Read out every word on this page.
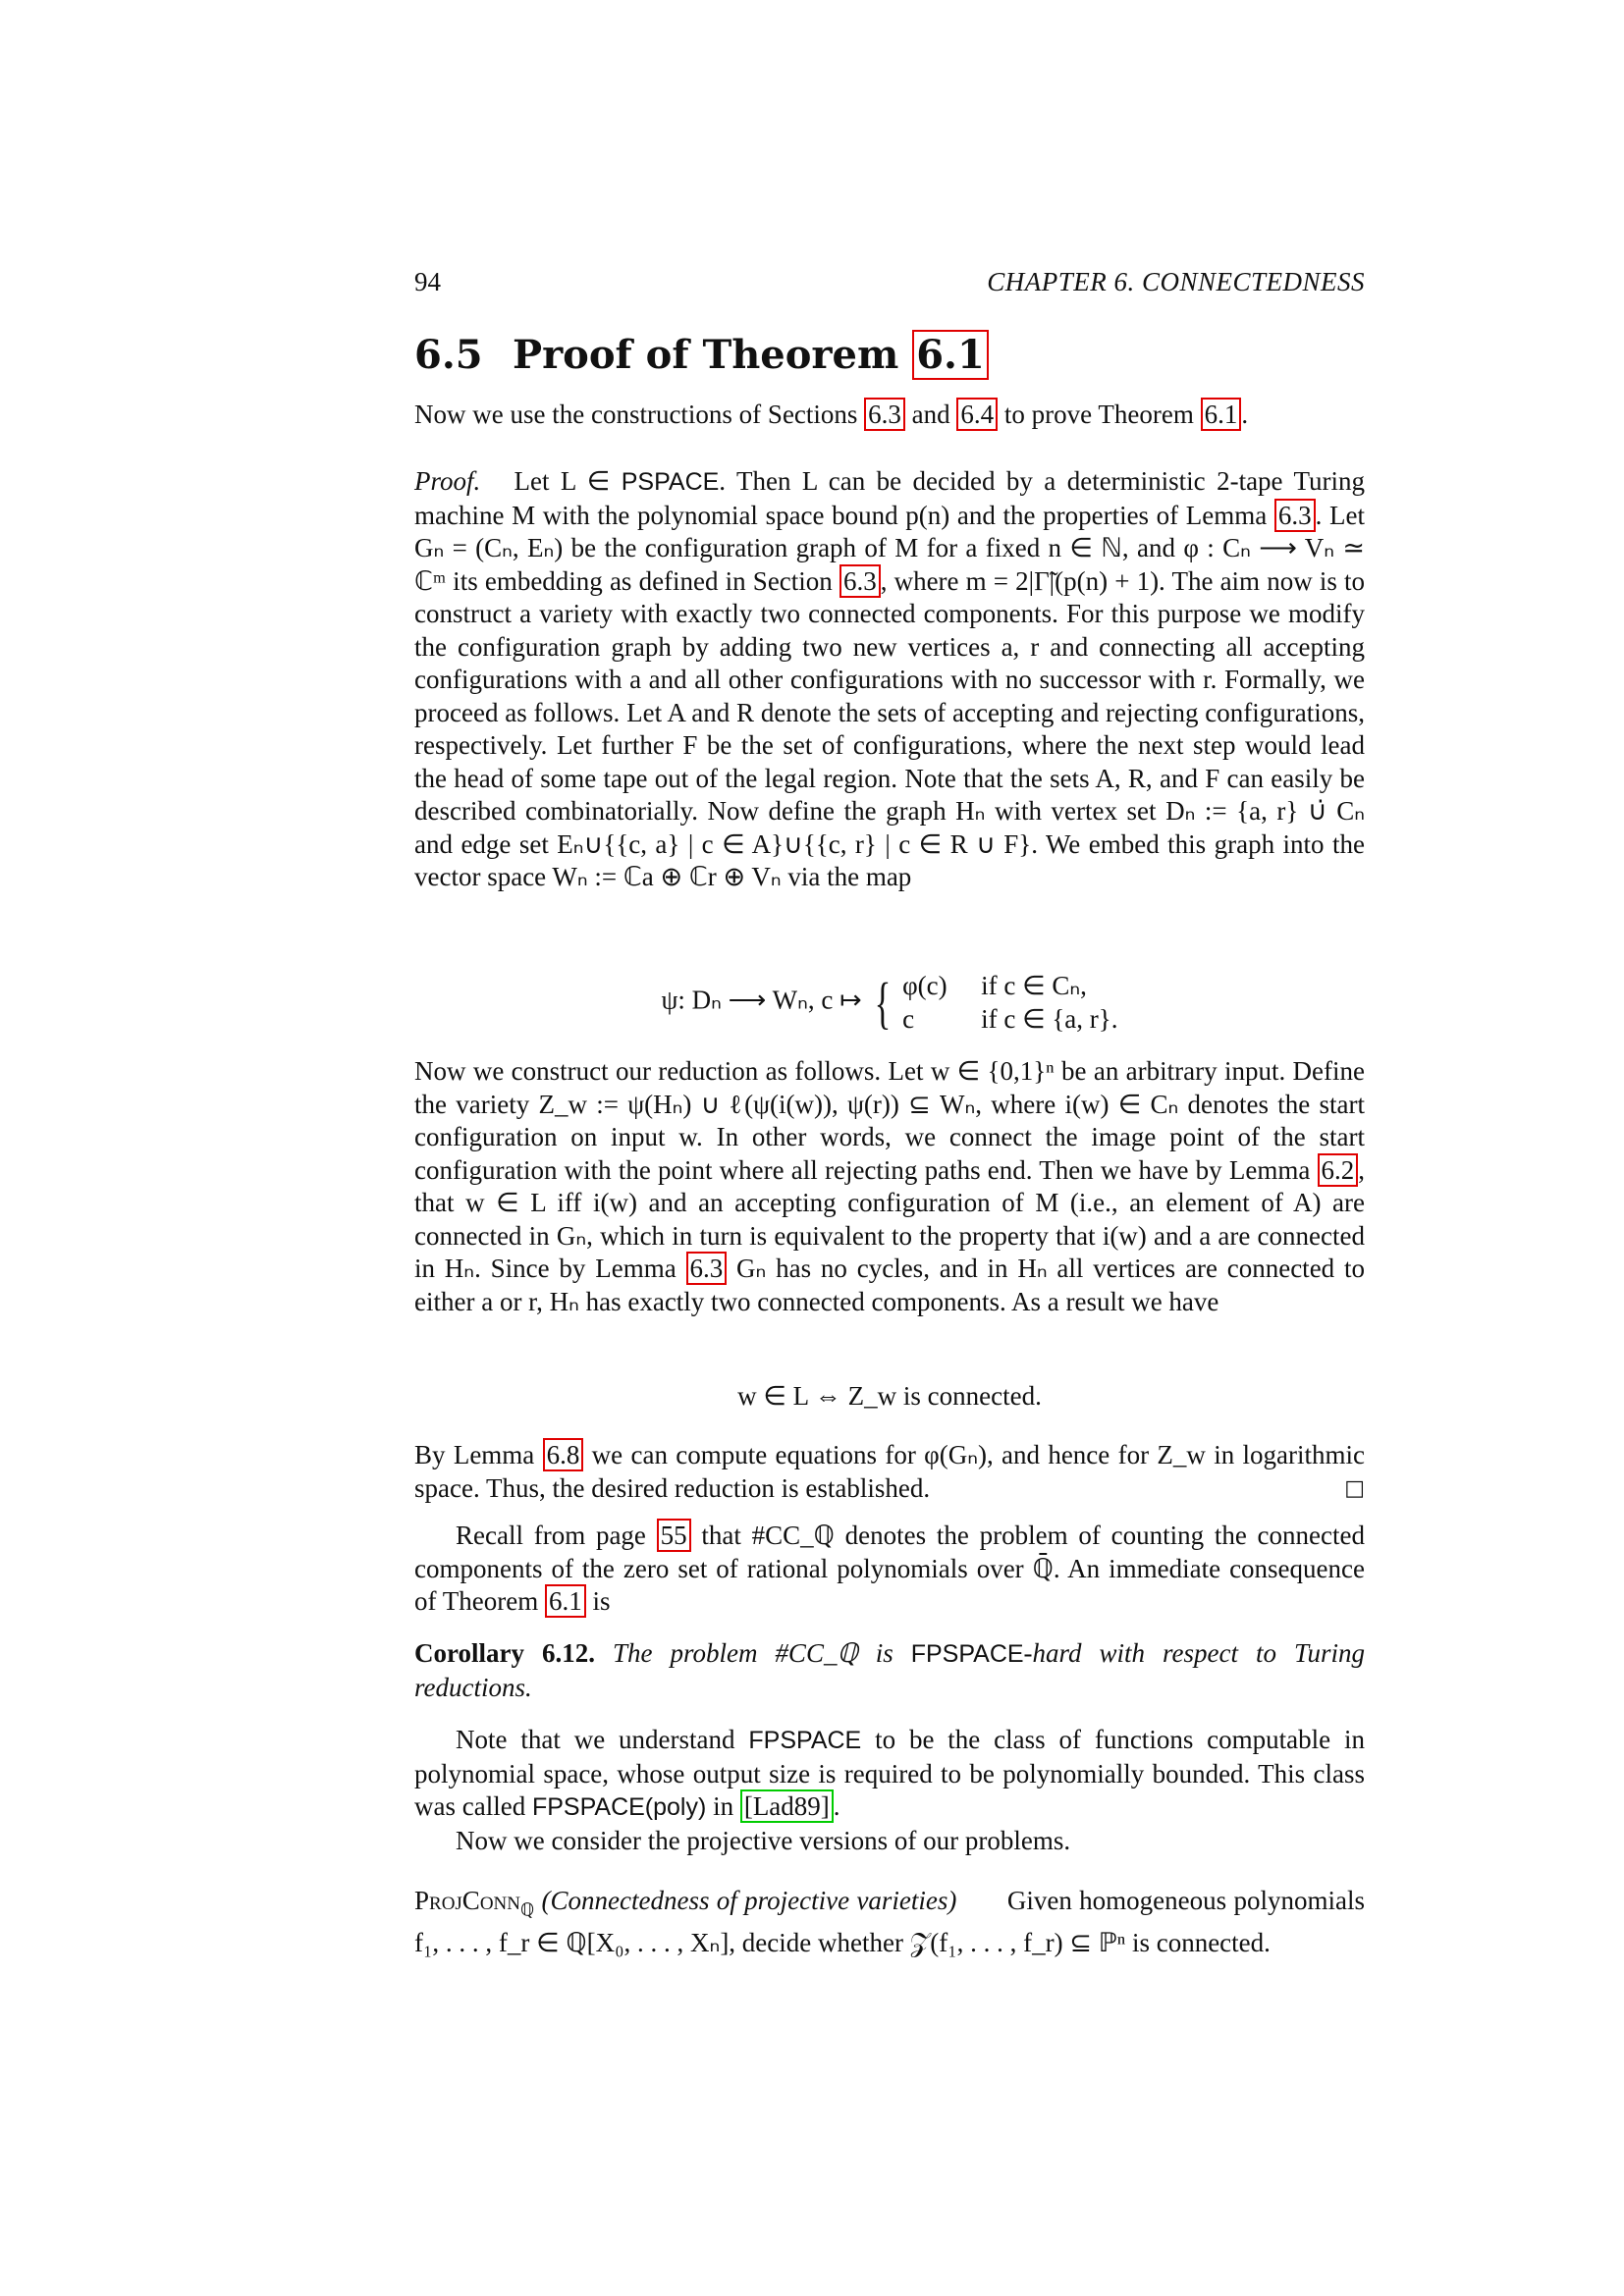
94	CHAPTER 6. CONNECTEDNESS
6.5 Proof of Theorem 6.1

Now we use the constructions of Sections 6.3 and 6.4 to prove Theorem 6.1 .

Proof. Let L ∈ PSPACE. Then L can be decided by a deterministic 2-tape Turing machine M with the polynomial space bound p(n) and the properties of Lemma 6.3 . Let Gₙ = (Cₙ, Eₙ) be the configuration graph of M for a fixed n ∈ ℕ, and φ : Cₙ ⟶ Vₙ ≃ ℂᵐ its embedding as defined in Section 6.3 , where m = 2|Γ̃|(p(n) + 1). The aim now is to construct a variety with exactly two connected components. For this purpose we modify the configuration graph by adding two new vertices a, r and connecting all accepting configurations with a and all other configurations with no successor with r. Formally, we proceed as follows. Let A and R denote the sets of accepting and rejecting configurations, respectively. Let further F be the set of configurations, where the next step would lead the head of some tape out of the legal region. Note that the sets A, R, and F can easily be described combinatorially. Now define the graph Hₙ with vertex set Dₙ := {a, r} ∪̇ Cₙ and edge set Eₙ∪{{c, a} | c ∈ A}∪{{c, r} | c ∈ R ∪ F}. We embed this graph into the vector space Wₙ := ℂa ⊕ ℂr ⊕ Vₙ via the map

ψ: Dₙ ⟶ Wₙ, c ↦ { φ(c) if c ∈ Cₙ,
c	if c ∈ {a, r}.

Now we construct our reduction as follows. Let w ∈ {0,1}ⁿ be an arbitrary input. Define the variety Z_w := ψ(Hₙ) ∪ ℓ(ψ(i(w)), ψ(r)) ⊆ Wₙ, where i(w) ∈ Cₙ denotes the start configuration on input w. In other words, we connect the image point of the start configuration with the point where all rejecting paths end. Then we have by Lemma 6.2 , that w ∈ L iff i(w) and an accepting configuration of M (i.e., an element of A) are connected in Gₙ, which in turn is equivalent to the property that i(w) and a are connected in Hₙ. Since by Lemma 6.3 Gₙ has no cycles, and in Hₙ all vertices are connected to either a or r, Hₙ has exactly two connected components. As a result we have

w ∈ L ⇔ Z_w is connected.

By Lemma 6.8 we can compute equations for φ(Gₙ), and hence for Z_w in logarithmic space. Thus, the desired reduction is established.	□

Recall from page 55 that #CC_ℚ denotes the problem of counting the connected components of the zero set of rational polynomials over ℚ̄. An immediate consequence of Theorem 6.1 is

Corollary 6.12. The problem #CC_ℚ is FPSPACE-hard with respect to Turing reductions.

Note that we understand FPSPACE to be the class of functions computable in polynomial space, whose output size is required to be polynomially bounded. This class was called FPSPACE(poly) in [Lad89] .

Now we consider the projective versions of our problems.

ProjConn$_ℚ$ (Connectedness of projective varieties) Given homogeneous polynomials f₁, . . . , f_r ∈ ℚ[X₀, . . . , Xₙ], decide whether 𝒵(f₁, . . . , f_r) ⊆ ℙⁿ is connected.
